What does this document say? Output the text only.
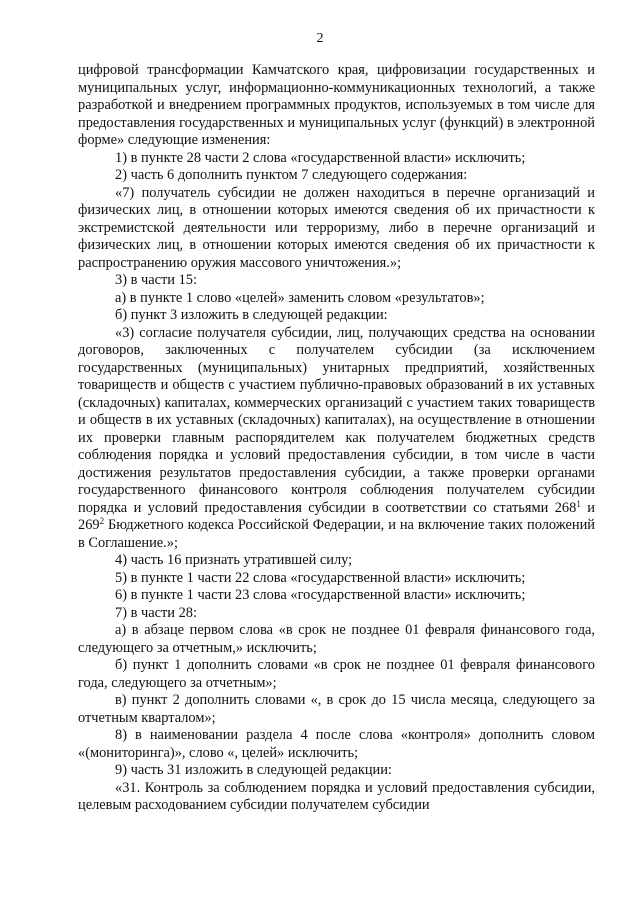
2

цифровой трансформации Камчатского края, цифровизации государственных и муниципальных услуг, информационно-коммуникационных технологий, а также разработкой и внедрением программных продуктов, используемых в том числе для предоставления государственных и муниципальных услуг (функций) в электронной форме» следующие изменения:

1) в пункте 28 части 2 слова «государственной власти» исключить;

2) часть 6 дополнить пунктом 7 следующего содержания:

«7) получатель субсидии не должен находиться в перечне организаций и физических лиц, в отношении которых имеются сведения об их причастности к экстремистской деятельности или терроризму, либо в перечне организаций и физических лиц, в отношении которых имеются сведения об их причастности к распространению оружия массового уничтожения.»;

3) в части 15:

а) в пункте 1 слово «целей» заменить словом «результатов»;

б) пункт 3 изложить в следующей редакции:

«3) согласие получателя субсидии, лиц, получающих средства на основании договоров, заключенных с получателем субсидии (за исключением государственных (муниципальных) унитарных предприятий, хозяйственных товариществ и обществ с участием публично-правовых образований в их уставных (складочных) капиталах, коммерческих организаций с участием таких товариществ и обществ в их уставных (складочных) капиталах), на осуществление в отношении их проверки главным распорядителем как получателем бюджетных средств соблюдения порядка и условий предоставления субсидии, в том числе в части достижения результатов предоставления субсидии, а также проверки органами государственного финансового контроля соблюдения получателем субсидии порядка и условий предоставления субсидии в соответствии со статьями $268^1$ и $269^2$ Бюджетного кодекса Российской Федерации, и на включение таких положений в Соглашение.»;

4) часть 16 признать утратившей силу;

5) в пункте 1 части 22 слова «государственной власти» исключить;

6) в пункте 1 части 23 слова «государственной власти» исключить;

7) в части 28:

а) в абзаце первом слова «в срок не позднее 01 февраля финансового года, следующего за отчетным,» исключить;

б) пункт 1 дополнить словами «в срок не позднее 01 февраля финансового года, следующего за отчетным»;

в) пункт 2 дополнить словами «, в срок до 15 числа месяца, следующего за отчетным кварталом»;

8) в наименовании раздела 4 после слова «контроля» дополнить словом «(мониторинга)», слово «, целей» исключить;

9) часть 31 изложить в следующей редакции:

«31. Контроль за соблюдением порядка и условий предоставления субсидии, целевым расходованием субсидии получателем субсидии
